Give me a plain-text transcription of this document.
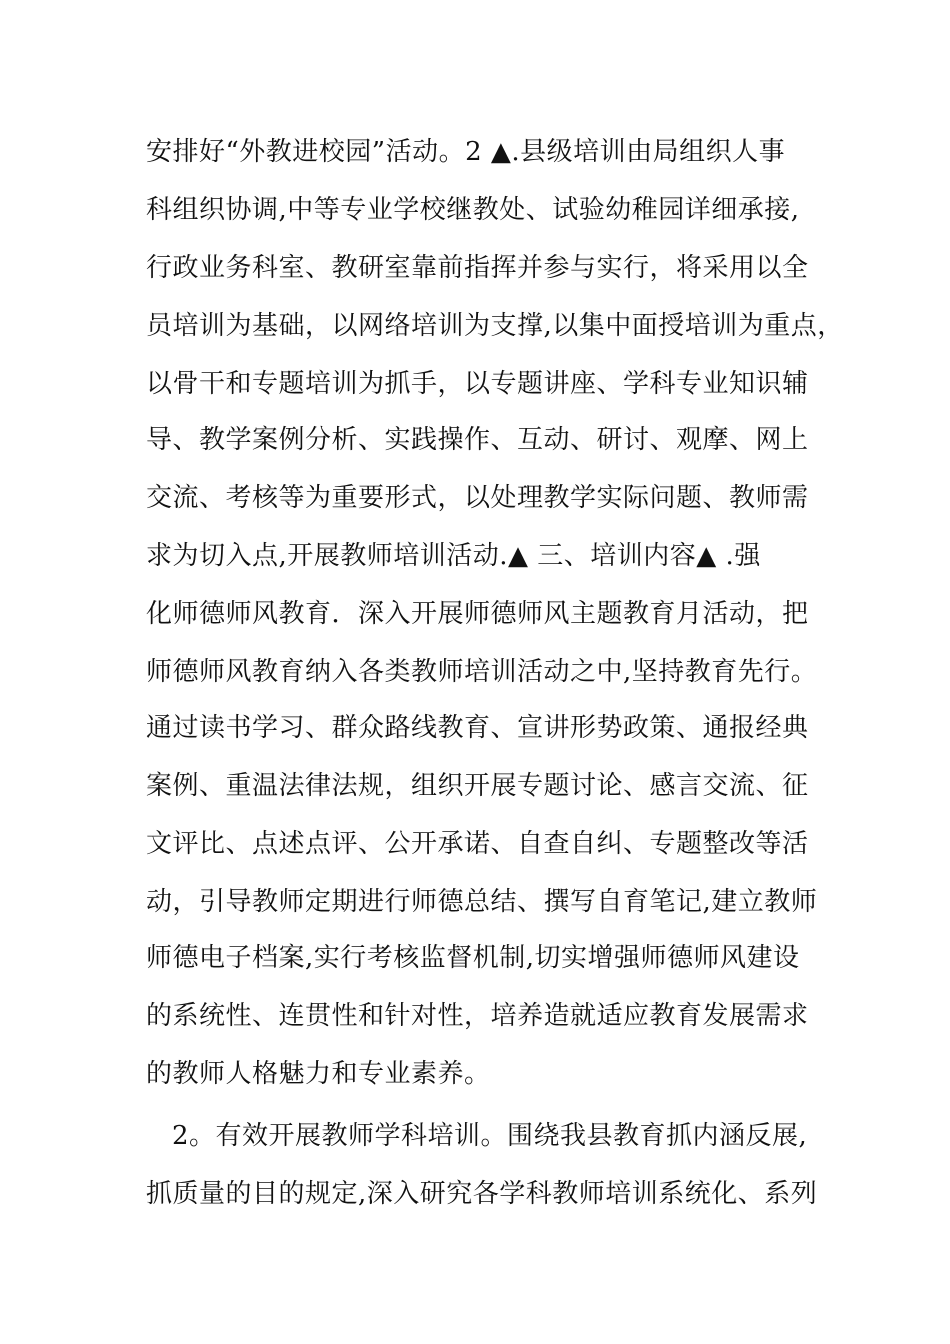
安排好“外教进校园”活动。2 ▲.县级培训由局组织人事
科组织协调,中等专业学校继教处、试验幼稚园详细承接,
行政业务科室、教研室靠前指挥并参与实行，将采用以全
员培训为基础，以网络培训为支撑,以集中面授培训为重点，
以骨干和专题培训为抓手，以专题讲座、学科专业知识辅
导、教学案例分析、实践操作、互动、研讨、观摩、网上
交流、考核等为重要形式，以处理教学实际问题、教师需
求为切入点,开展教师培训活动.▲ 三、培训内容▲ .强
化师德师风教育．深入开展师德师风主题教育月活动，把
师德师风教育纳入各类教师培训活动之中,坚持教育先行。
通过读书学习、群众路线教育、宣讲形势政策、通报经典
案例、重温法律法规，组织开展专题讨论、感言交流、征
文评比、点述点评、公开承诺、自查自纠、专题整改等活
动，引导教师定期进行师德总结、撰写自育笔记,建立教师
师德电子档案,实行考核监督机制,切实增强师德师风建设
的系统性、连贯性和针对性，培养造就适应教育发展需求
的教师人格魅力和专业素养。
2。有效开展教师学科培训。围绕我县教育抓内涵反展,
抓质量的目的规定,深入研究各学科教师培训系统化、系列
